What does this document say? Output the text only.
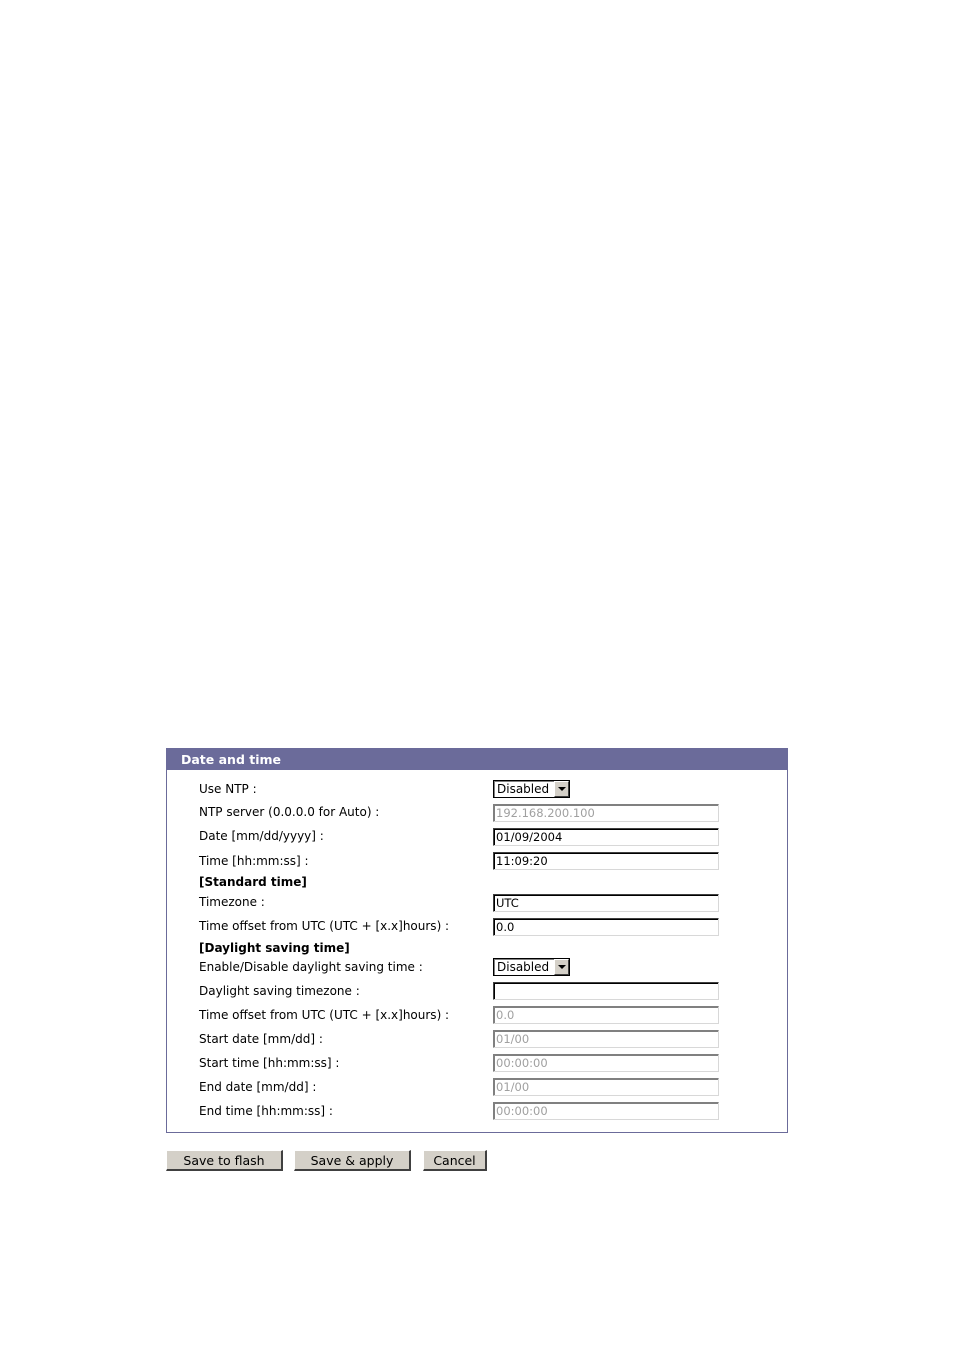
Date and time
Use NTP :	Disabled
NTP server (0.0.0.0 for Auto) :
192.168.200.100
Date [mm/dd/yyyy] :
01/09/2004
Time [hh:mm:ss] :
11:09:20
[Standard time]
Timezone :
UTC
Time offset from UTC (UTC + [x.x]hours) :
0.0
[Daylight saving time]
Enable/Disable daylight saving time :	Disabled
Daylight saving timezone :
Time offset from UTC (UTC + [x.x]hours) :
0.0
Start date [mm/dd] :
01/00
Start time [hh:mm:ss] :
00:00:00
End date [mm/dd] :
01/00
End time [hh:mm:ss] :
00:00:00
Save to flash	Save & apply	Cancel
